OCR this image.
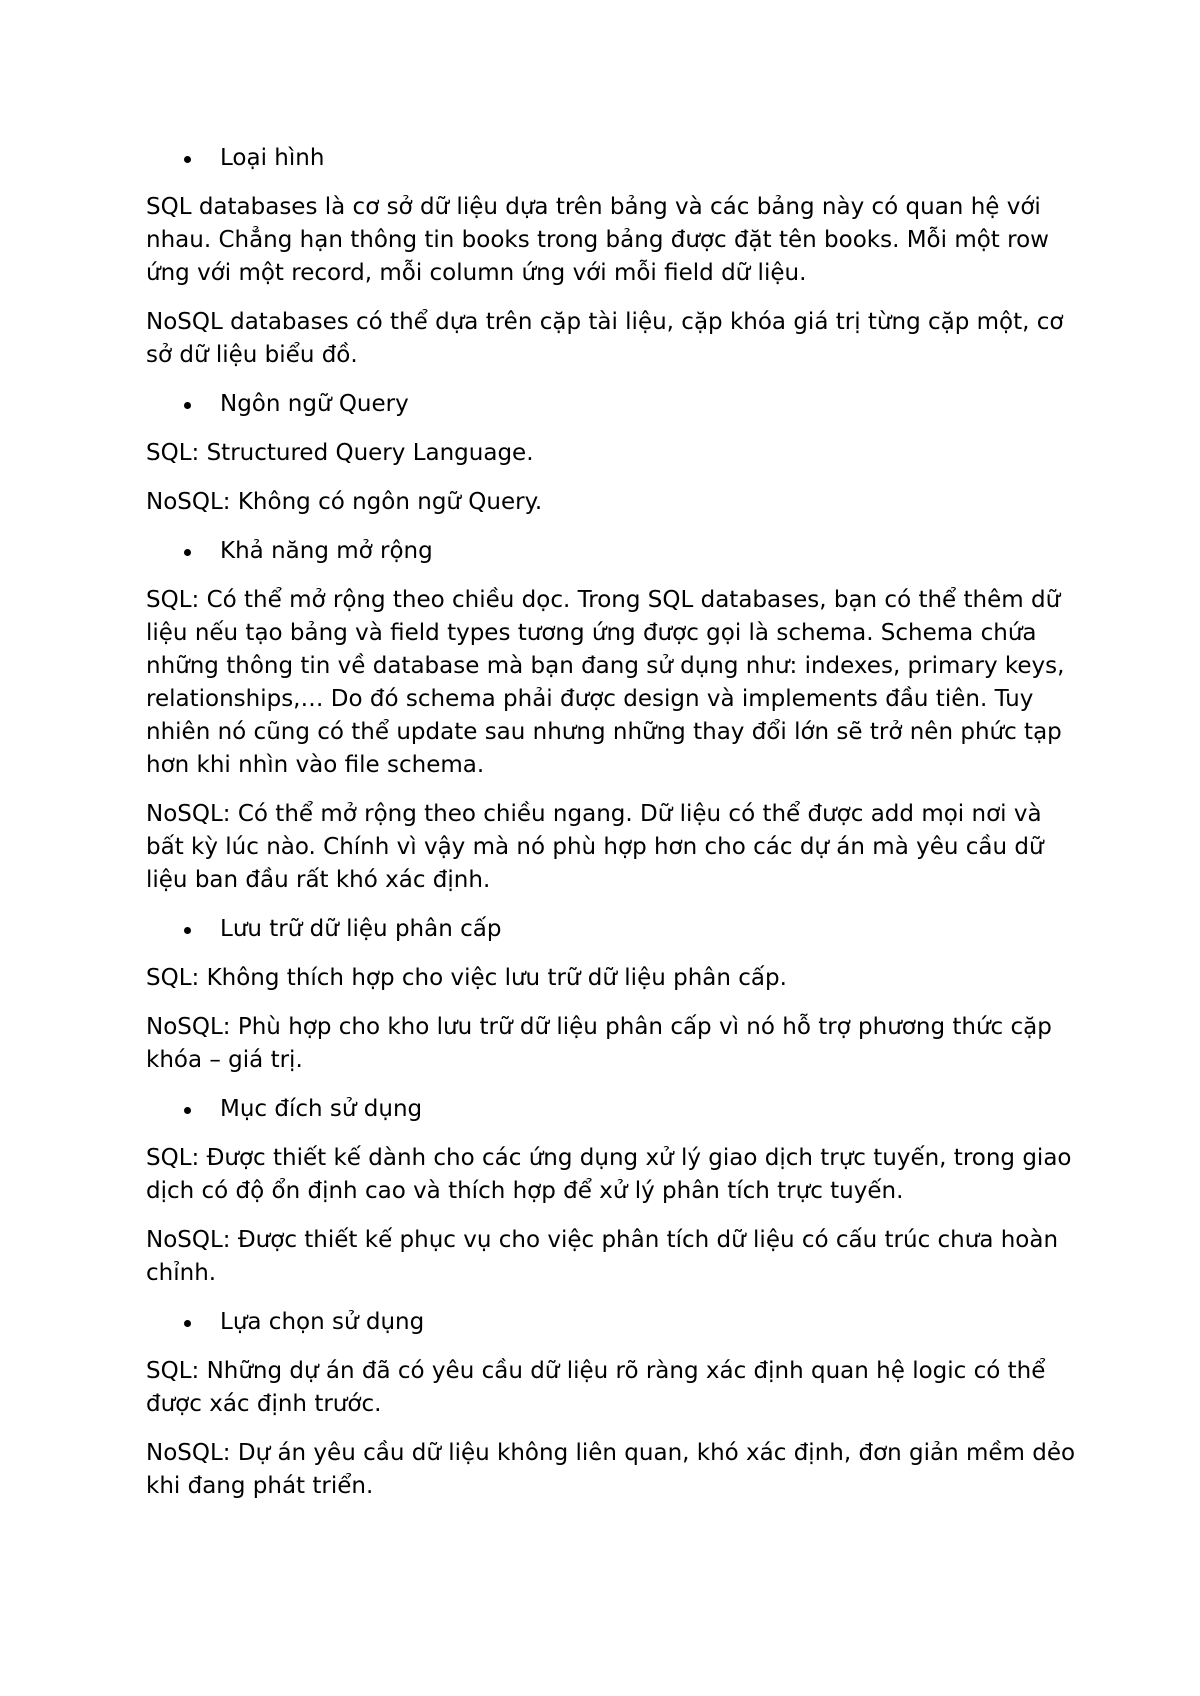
Loại hình

SQL databases là cơ sở dữ liệu dựa trên bảng và các bảng này có quan hệ với nhau. Chẳng hạn thông tin books trong bảng được đặt tên books. Mỗi một row ứng với một record, mỗi column ứng với mỗi field dữ liệu.

NoSQL databases có thể dựa trên cặp tài liệu, cặp khóa giá trị từng cặp một, cơ sở dữ liệu biểu đồ.

Ngôn ngữ Query

SQL: Structured Query Language.

NoSQL: Không có ngôn ngữ Query.

Khả năng mở rộng

SQL: Có thể mở rộng theo chiều dọc. Trong SQL databases, bạn có thể thêm dữ liệu nếu tạo bảng và field types tương ứng được gọi là schema. Schema chứa những thông tin về database mà bạn đang sử dụng như: indexes, primary keys, relationships,… Do đó schema phải được design và implements đầu tiên. Tuy nhiên nó cũng có thể update sau nhưng những thay đổi lớn sẽ trở nên phức tạp hơn khi nhìn vào file schema.

NoSQL: Có thể mở rộng theo chiều ngang. Dữ liệu có thể được add mọi nơi và bất kỳ lúc nào. Chính vì vậy mà nó phù hợp hơn cho các dự án mà yêu cầu dữ liệu ban đầu rất khó xác định.

Lưu trữ dữ liệu phân cấp

SQL: Không thích hợp cho việc lưu trữ dữ liệu phân cấp.

NoSQL: Phù hợp cho kho lưu trữ dữ liệu phân cấp vì nó hỗ trợ phương thức cặp khóa – giá trị.

Mục đích sử dụng

SQL: Được thiết kế dành cho các ứng dụng xử lý giao dịch trực tuyến, trong giao dịch có độ ổn định cao và thích hợp để xử lý phân tích trực tuyến.

NoSQL: Được thiết kế phục vụ cho việc phân tích dữ liệu có cấu trúc chưa hoàn chỉnh.

Lựa chọn sử dụng

SQL: Những dự án đã có yêu cầu dữ liệu rõ ràng xác định quan hệ logic có thể được xác định trước.

NoSQL: Dự án yêu cầu dữ liệu không liên quan, khó xác định, đơn giản mềm dẻo khi đang phát triển.
